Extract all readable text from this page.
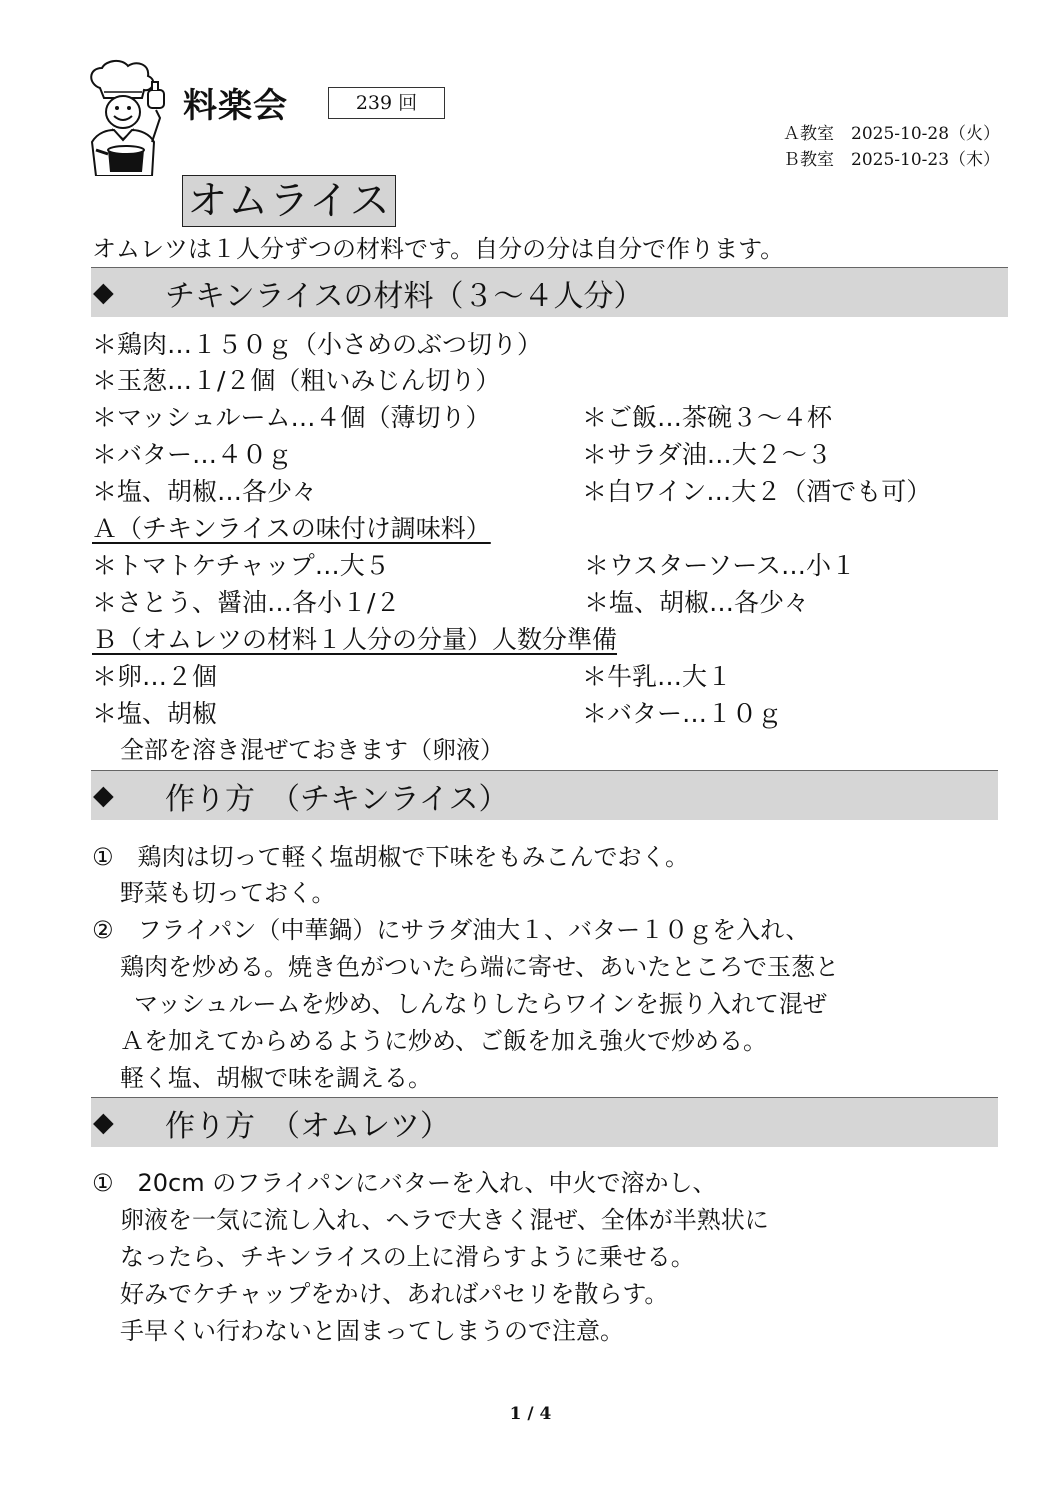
料楽会	239 回
Ａ教室　2025-10-28（火）
Ｂ教室　2025-10-23（木）
オムライス
オムレツは１人分ずつの材料です。自分の分は自分で作ります。
◆	チキンライスの材料（３～４人分）
＊鶏肉…１５０ｇ（小さめのぶつ切り）
＊玉葱…１/２個（粗いみじん切り）
＊マッシュルーム…４個（薄切り）	＊ご飯…茶碗３～４杯
＊バター…４０ｇ	＊サラダ油…大２～３
＊塩、胡椒…各少々	＊白ワイン…大２（酒でも可）
Ａ（チキンライスの味付け調味料）
＊トマトケチャップ…大５	＊ウスターソース…小１
＊さとう、醤油…各小１/２	＊塩、胡椒…各少々
Ｂ（オムレツの材料１人分の分量）人数分準備
＊卵…２個	＊牛乳…大１
＊塩、胡椒	＊バター…１０ｇ
全部を溶き混ぜておきます（卵液）
◆	作り方　（チキンライス）
①　鶏肉は切って軽く塩胡椒で下味をもみこんでおく。
野菜も切っておく。
②　フライパン（中華鍋）にサラダ油大１、バター１０ｇを入れ、
鶏肉を炒める。焼き色がついたら端に寄せ、あいたところで玉葱と
マッシュルームを炒め、しんなりしたらワインを振り入れて混ぜ
Ａを加えてからめるように炒め、ご飯を加え強火で炒める。
軽く塩、胡椒で味を調える。
◆	作り方　（オムレツ）
①　20cm のフライパンにバターを入れ、中火で溶かし、
卵液を一気に流し入れ、ヘラで大きく混ぜ、全体が半熟状に
なったら、チキンライスの上に滑らすように乗せる。
好みでケチャップをかけ、あればパセリを散らす。
手早くい行わないと固まってしまうので注意。
1 / 4
